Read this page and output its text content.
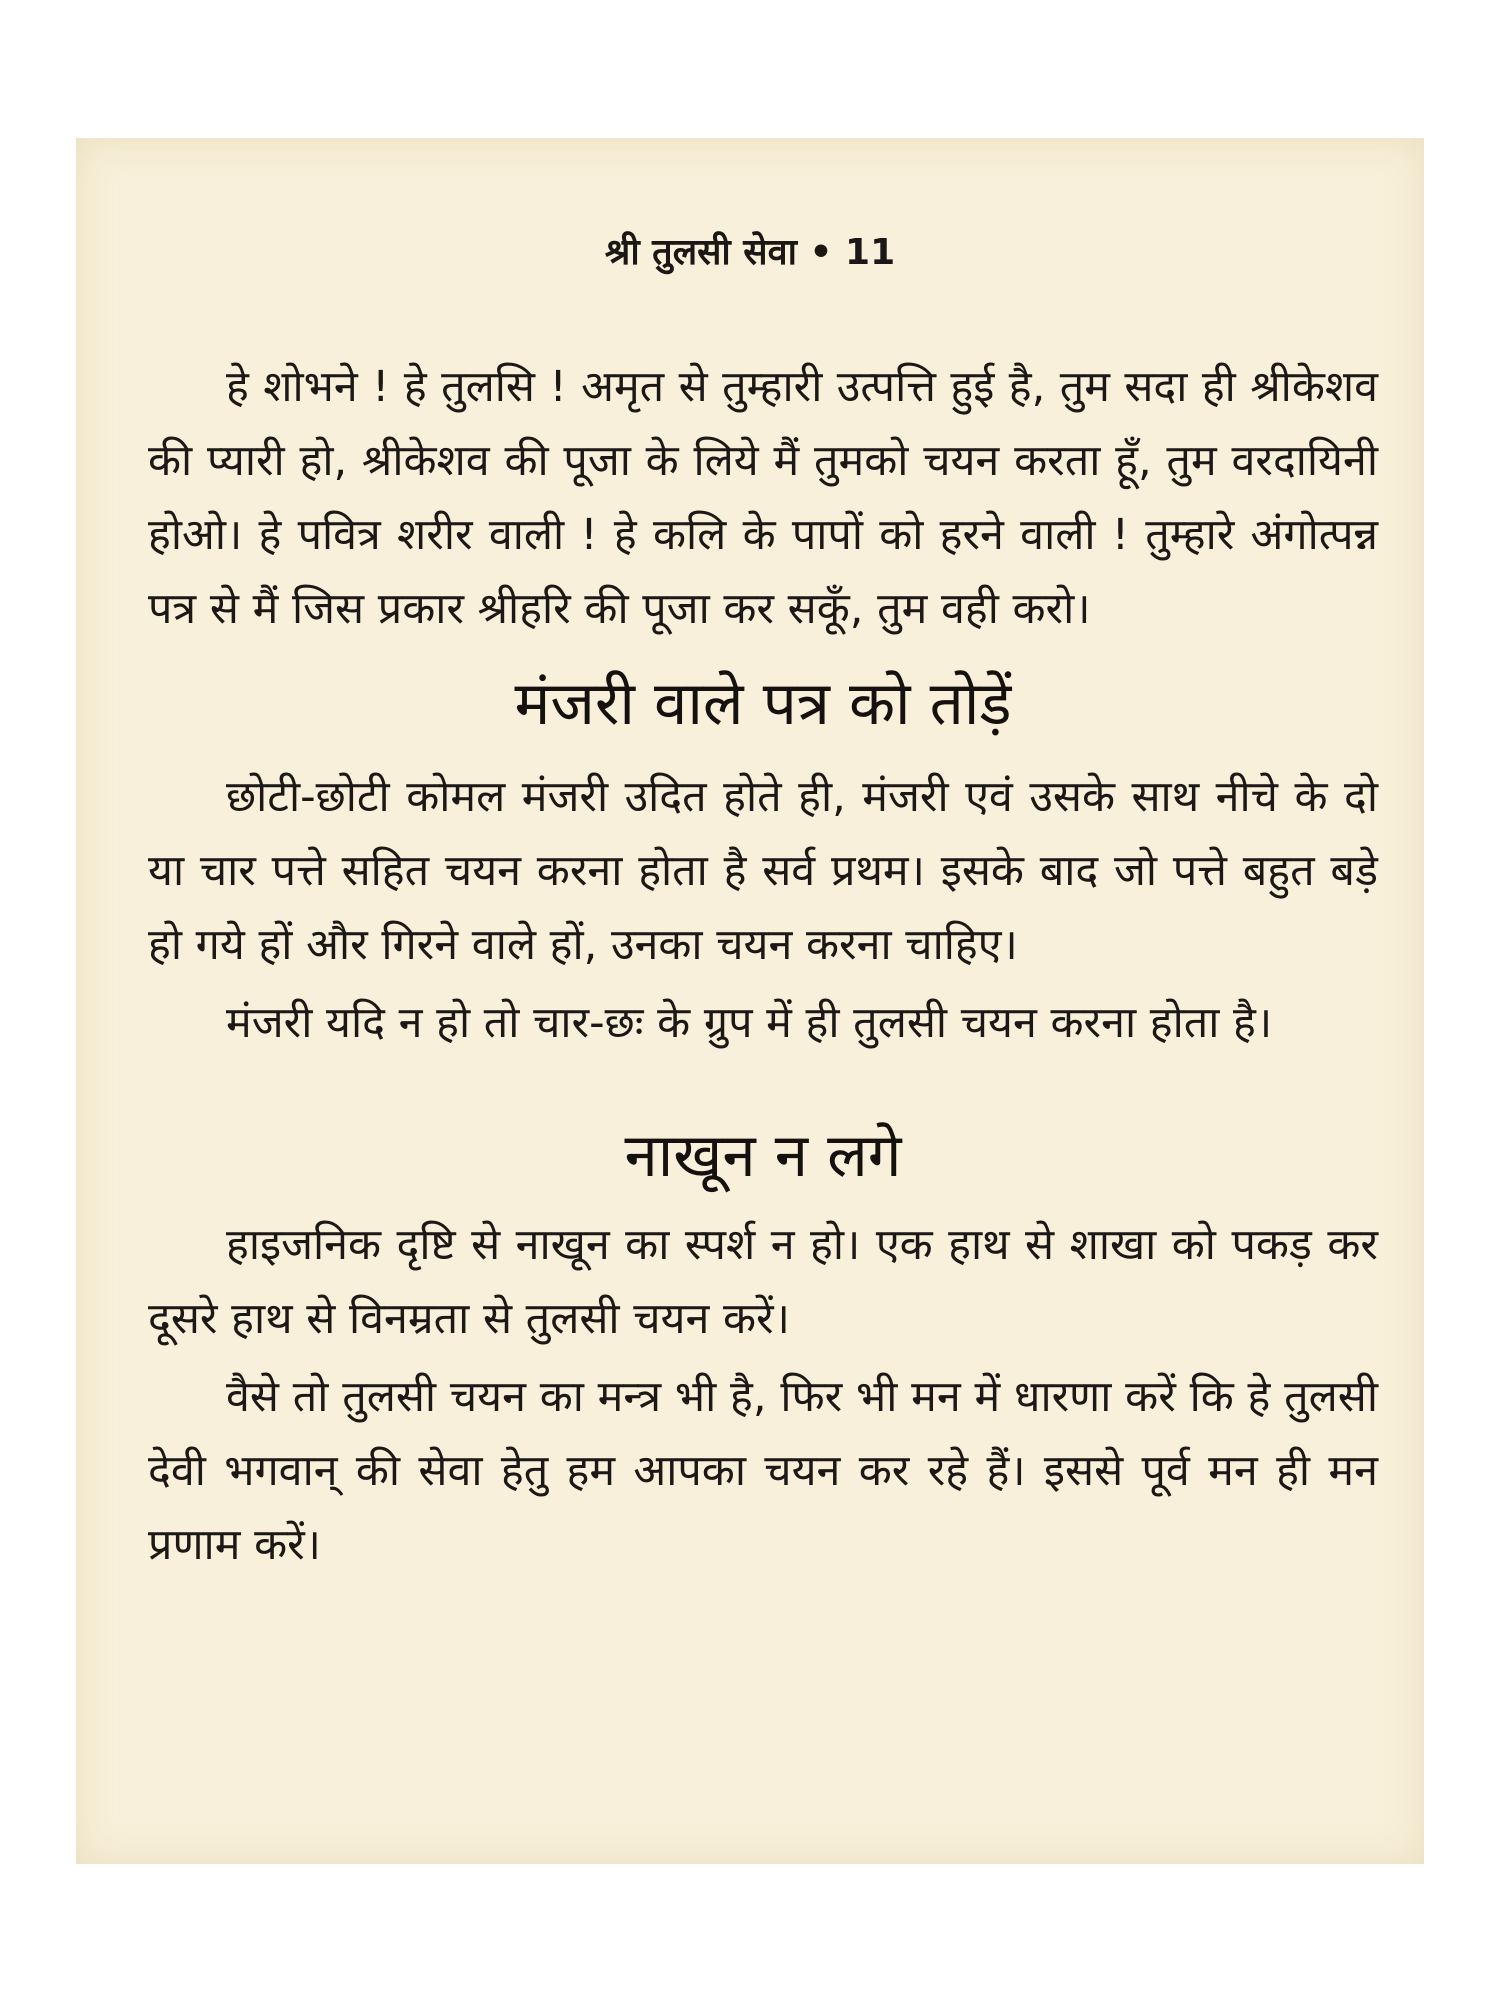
श्री तुलसी सेवा • 11

हे शोभने ! हे तुलसि ! अमृत से तुम्हारी उत्पत्ति हुई है, तुम सदा ही श्रीकेशव की प्यारी हो, श्रीकेशव की पूजा के लिये मैं तुमको चयन करता हूँ, तुम वरदायिनी होओ। हे पवित्र शरीर वाली ! हे कलि के पापों को हरने वाली ! तुम्हारे अंगोत्पन्न पत्र से मैं जिस प्रकार श्रीहरि की पूजा कर सकूँ, तुम वही करो।

मंजरी वाले पत्र को तोड़ें

छोटी-छोटी कोमल मंजरी उदित होते ही, मंजरी एवं उसके साथ नीचे के दो या चार पत्ते सहित चयन करना होता है सर्व प्रथम। इसके बाद जो पत्ते बहुत बड़े हो गये हों और गिरने वाले हों, उनका चयन करना चाहिए।

मंजरी यदि न हो तो चार-छः के ग्रुप में ही तुलसी चयन करना होता है।

नाखून न लगे

हाइजनिक दृष्टि से नाखून का स्पर्श न हो। एक हाथ से शाखा को पकड़ कर दूसरे हाथ से विनम्रता से तुलसी चयन करें।

वैसे तो तुलसी चयन का मन्त्र भी है, फिर भी मन में धारणा करें कि हे तुलसी देवी भगवान् की सेवा हेतु हम आपका चयन कर रहे हैं। इससे पूर्व मन ही मन प्रणाम करें।
